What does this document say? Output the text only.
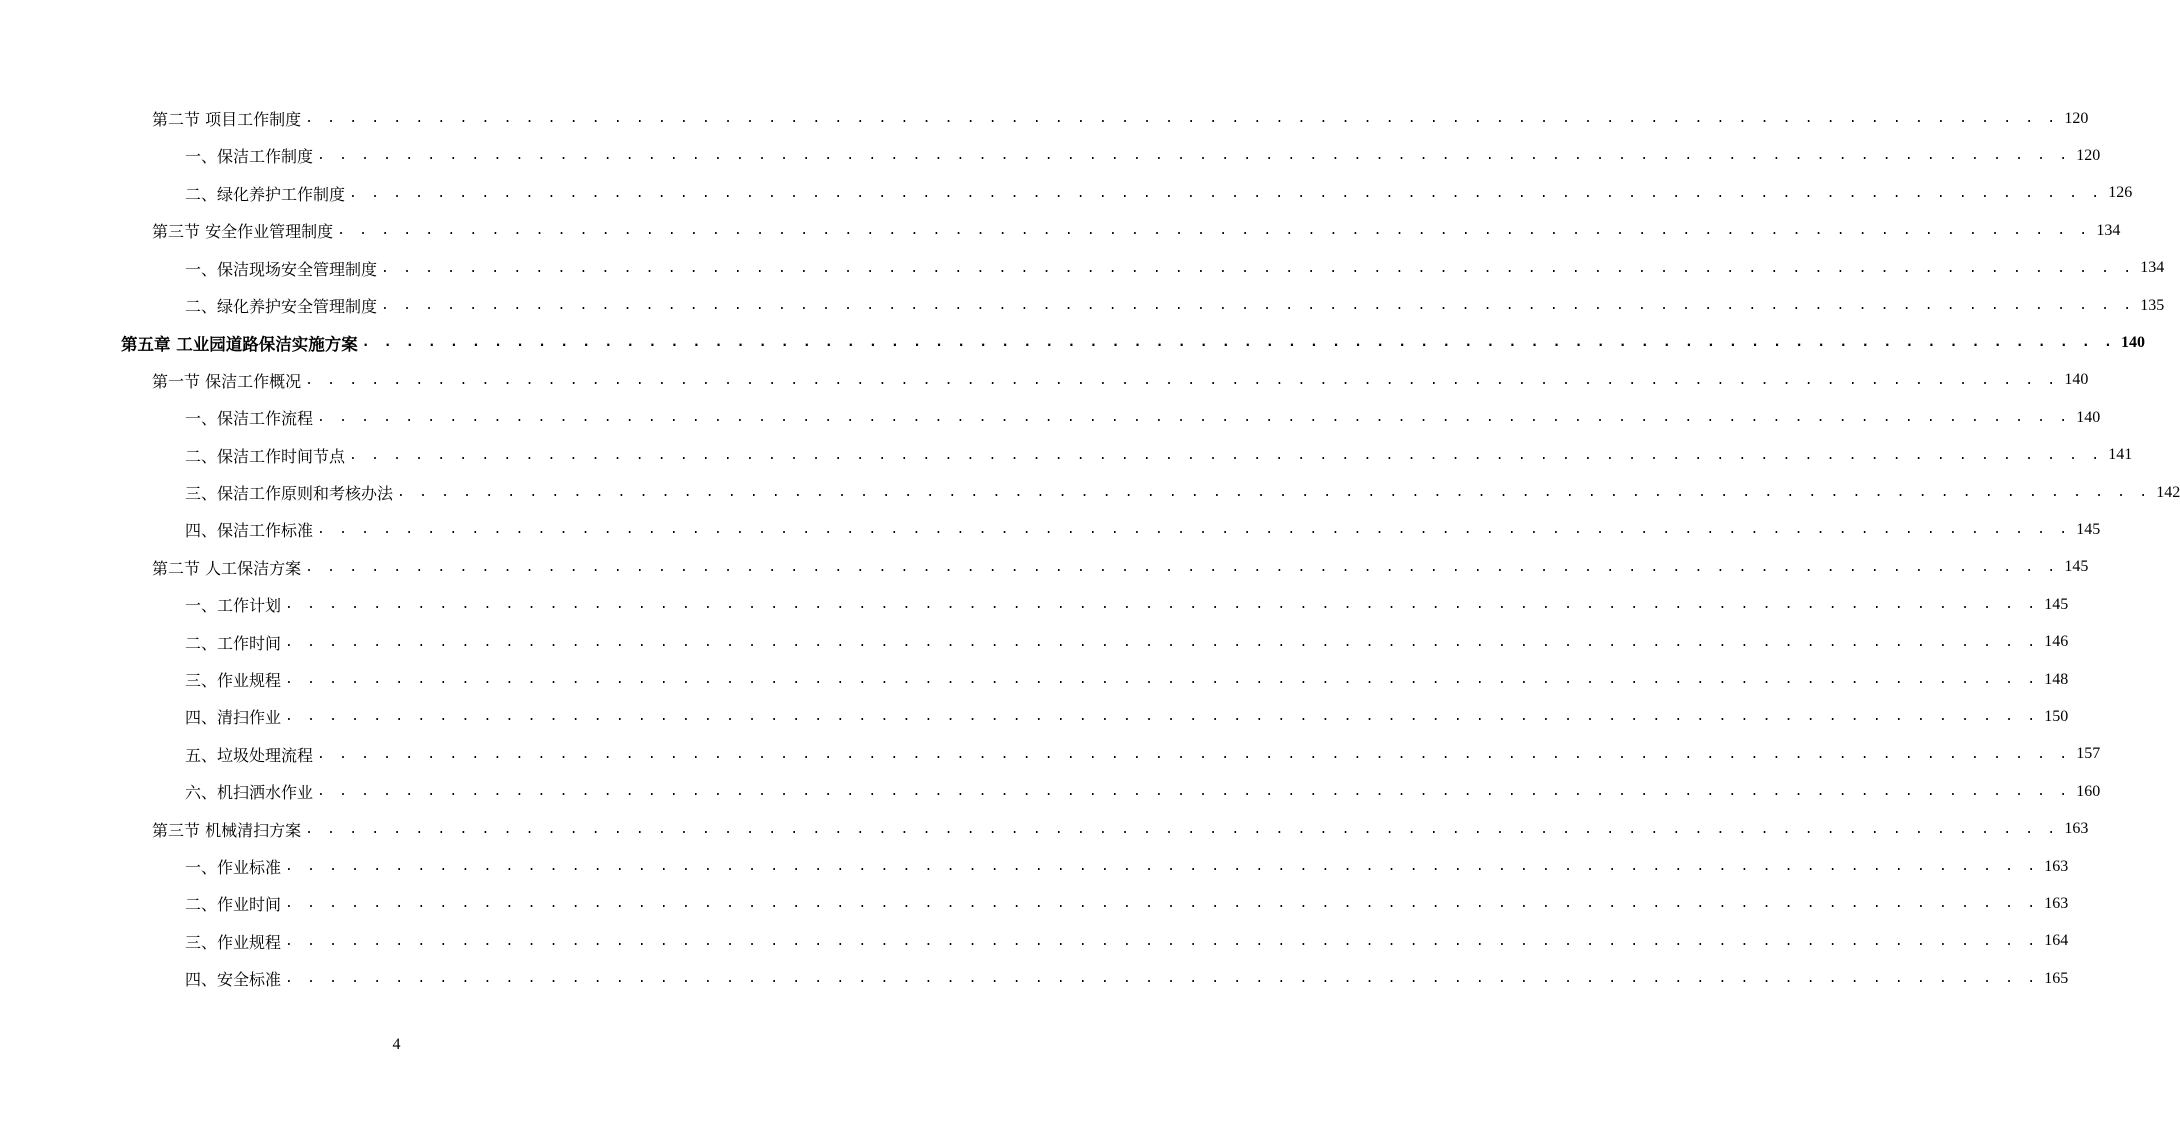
第二节 项目工作制度 . . . . . . . . . . . . . . . . . . . . . . . . . . . . . . . . . . . . . . . . . . . . . . . . . . . . . . . . . . . . . . . . . . . . . . . . . . . . . . . . 120
一、保洁工作制度 . . . . . . . . . . . . . . . . . . . . . . . . . . . . . . . . . . . . . . . . . . . . . . . . . . . . . . . . . . . . . . . . . . . . . . . . . . . . . . . . 120
二、绿化养护工作制度 . . . . . . . . . . . . . . . . . . . . . . . . . . . . . . . . . . . . . . . . . . . . . . . . . . . . . . . . . . . . . . . . . . . . . . . . . . . . . . . . 126
第三节 安全作业管理制度 . . . . . . . . . . . . . . . . . . . . . . . . . . . . . . . . . . . . . . . . . . . . . . . . . . . . . . . . . . . . . . . . . . . . . . . . . . . . . . . . 134
一、保洁现场安全管理制度 . . . . . . . . . . . . . . . . . . . . . . . . . . . . . . . . . . . . . . . . . . . . . . . . . . . . . . . . . . . . . . . . . . . . . . . . . . . . . . . . 134
二、绿化养护安全管理制度 . . . . . . . . . . . . . . . . . . . . . . . . . . . . . . . . . . . . . . . . . . . . . . . . . . . . . . . . . . . . . . . . . . . . . . . . . . . . . . . . 135
第五章 工业园道路保洁实施方案 . . . . . . . . . . . . . . . . . . . . . . . . . . . . . . . . . . . . . . . . . . . . . . . . . . . . . . . . . . . . . . . . . . . . . . . . . . . . . . . . 140
第一节 保洁工作概况 . . . . . . . . . . . . . . . . . . . . . . . . . . . . . . . . . . . . . . . . . . . . . . . . . . . . . . . . . . . . . . . . . . . . . . . . . . . . . . . . 140
一、保洁工作流程 . . . . . . . . . . . . . . . . . . . . . . . . . . . . . . . . . . . . . . . . . . . . . . . . . . . . . . . . . . . . . . . . . . . . . . . . . . . . . . . . 140
二、保洁工作时间节点 . . . . . . . . . . . . . . . . . . . . . . . . . . . . . . . . . . . . . . . . . . . . . . . . . . . . . . . . . . . . . . . . . . . . . . . . . . . . . . . . 141
三、保洁工作原则和考核办法 . . . . . . . . . . . . . . . . . . . . . . . . . . . . . . . . . . . . . . . . . . . . . . . . . . . . . . . . . . . . . . . . . . . . . . . . . . . . . . . . 142
四、保洁工作标准 . . . . . . . . . . . . . . . . . . . . . . . . . . . . . . . . . . . . . . . . . . . . . . . . . . . . . . . . . . . . . . . . . . . . . . . . . . . . . . . . 145
第二节 人工保洁方案 . . . . . . . . . . . . . . . . . . . . . . . . . . . . . . . . . . . . . . . . . . . . . . . . . . . . . . . . . . . . . . . . . . . . . . . . . . . . . . . . 145
一、工作计划 . . . . . . . . . . . . . . . . . . . . . . . . . . . . . . . . . . . . . . . . . . . . . . . . . . . . . . . . . . . . . . . . . . . . . . . . . . . . . . . . 145
二、工作时间 . . . . . . . . . . . . . . . . . . . . . . . . . . . . . . . . . . . . . . . . . . . . . . . . . . . . . . . . . . . . . . . . . . . . . . . . . . . . . . . . 146
三、作业规程 . . . . . . . . . . . . . . . . . . . . . . . . . . . . . . . . . . . . . . . . . . . . . . . . . . . . . . . . . . . . . . . . . . . . . . . . . . . . . . . . 148
四、清扫作业 . . . . . . . . . . . . . . . . . . . . . . . . . . . . . . . . . . . . . . . . . . . . . . . . . . . . . . . . . . . . . . . . . . . . . . . . . . . . . . . . 150
五、垃圾处理流程 . . . . . . . . . . . . . . . . . . . . . . . . . . . . . . . . . . . . . . . . . . . . . . . . . . . . . . . . . . . . . . . . . . . . . . . . . . . . . . . . 157
六、机扫洒水作业 . . . . . . . . . . . . . . . . . . . . . . . . . . . . . . . . . . . . . . . . . . . . . . . . . . . . . . . . . . . . . . . . . . . . . . . . . . . . . . . . 160
第三节 机械清扫方案 . . . . . . . . . . . . . . . . . . . . . . . . . . . . . . . . . . . . . . . . . . . . . . . . . . . . . . . . . . . . . . . . . . . . . . . . . . . . . . . . 163
一、作业标准 . . . . . . . . . . . . . . . . . . . . . . . . . . . . . . . . . . . . . . . . . . . . . . . . . . . . . . . . . . . . . . . . . . . . . . . . . . . . . . . . 163
二、作业时间 . . . . . . . . . . . . . . . . . . . . . . . . . . . . . . . . . . . . . . . . . . . . . . . . . . . . . . . . . . . . . . . . . . . . . . . . . . . . . . . . 163
三、作业规程 . . . . . . . . . . . . . . . . . . . . . . . . . . . . . . . . . . . . . . . . . . . . . . . . . . . . . . . . . . . . . . . . . . . . . . . . . . . . . . . . 164
四、安全标准 . . . . . . . . . . . . . . . . . . . . . . . . . . . . . . . . . . . . . . . . . . . . . . . . . . . . . . . . . . . . . . . . . . . . . . . . . . . . . . . . 165
4
